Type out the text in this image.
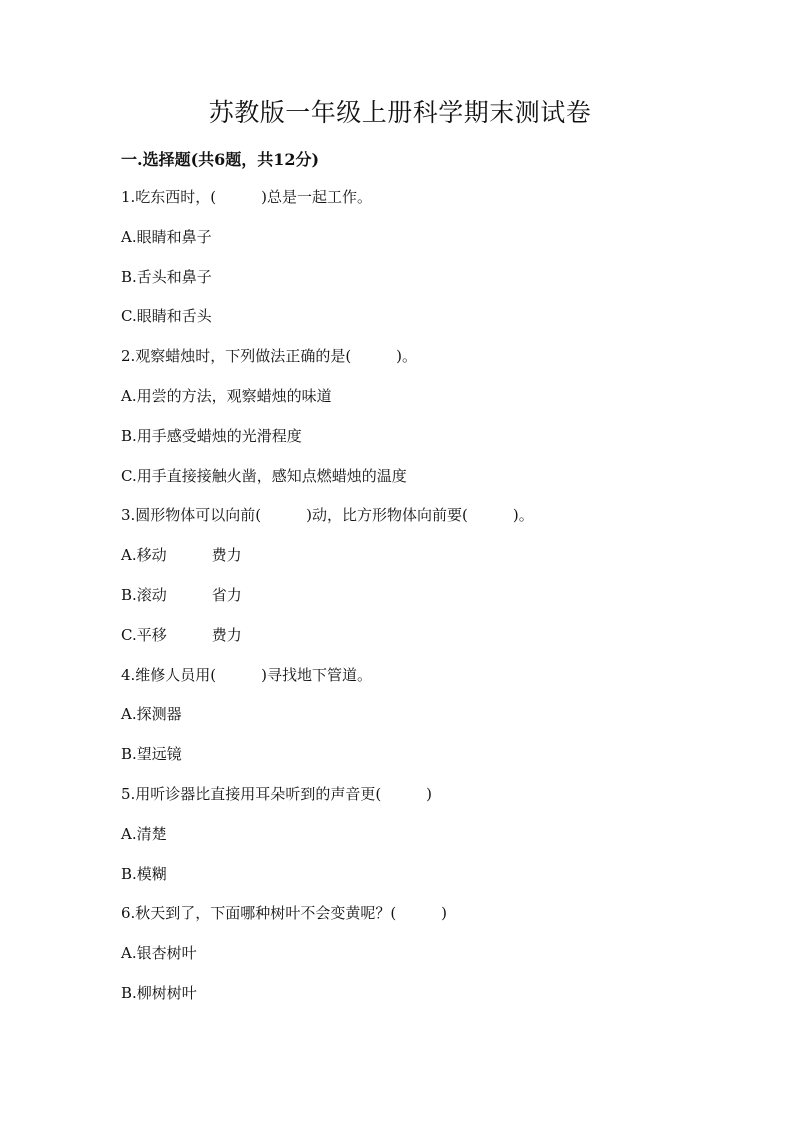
苏教版一年级上册科学期末测试卷
一.选择题(共6题，共12分)
1.吃东西时，(　　　)总是一起工作。
A.眼睛和鼻子
B.舌头和鼻子
C.眼睛和舌头
2.观察蜡烛时，下列做法正确的是(　　　)。
A.用尝的方法，观察蜡烛的味道
B.用手感受蜡烛的光滑程度
C.用手直接接触火凿，感知点燃蜡烛的温度
3.圆形物体可以向前(　　　)动，比方形物体向前要(　　　)。
A.移动　　　费力
B.滚动　　　省力
C.平移　　　费力
4.维修人员用(　　　)寻找地下管道。
A.探测器
B.望远镜
5.用听诊器比直接用耳朵听到的声音更(　　　)
A.清楚
B.模糊
6.秋天到了，下面哪种树叶不会变黄呢？(　　　)
A.银杏树叶
B.柳树树叶
